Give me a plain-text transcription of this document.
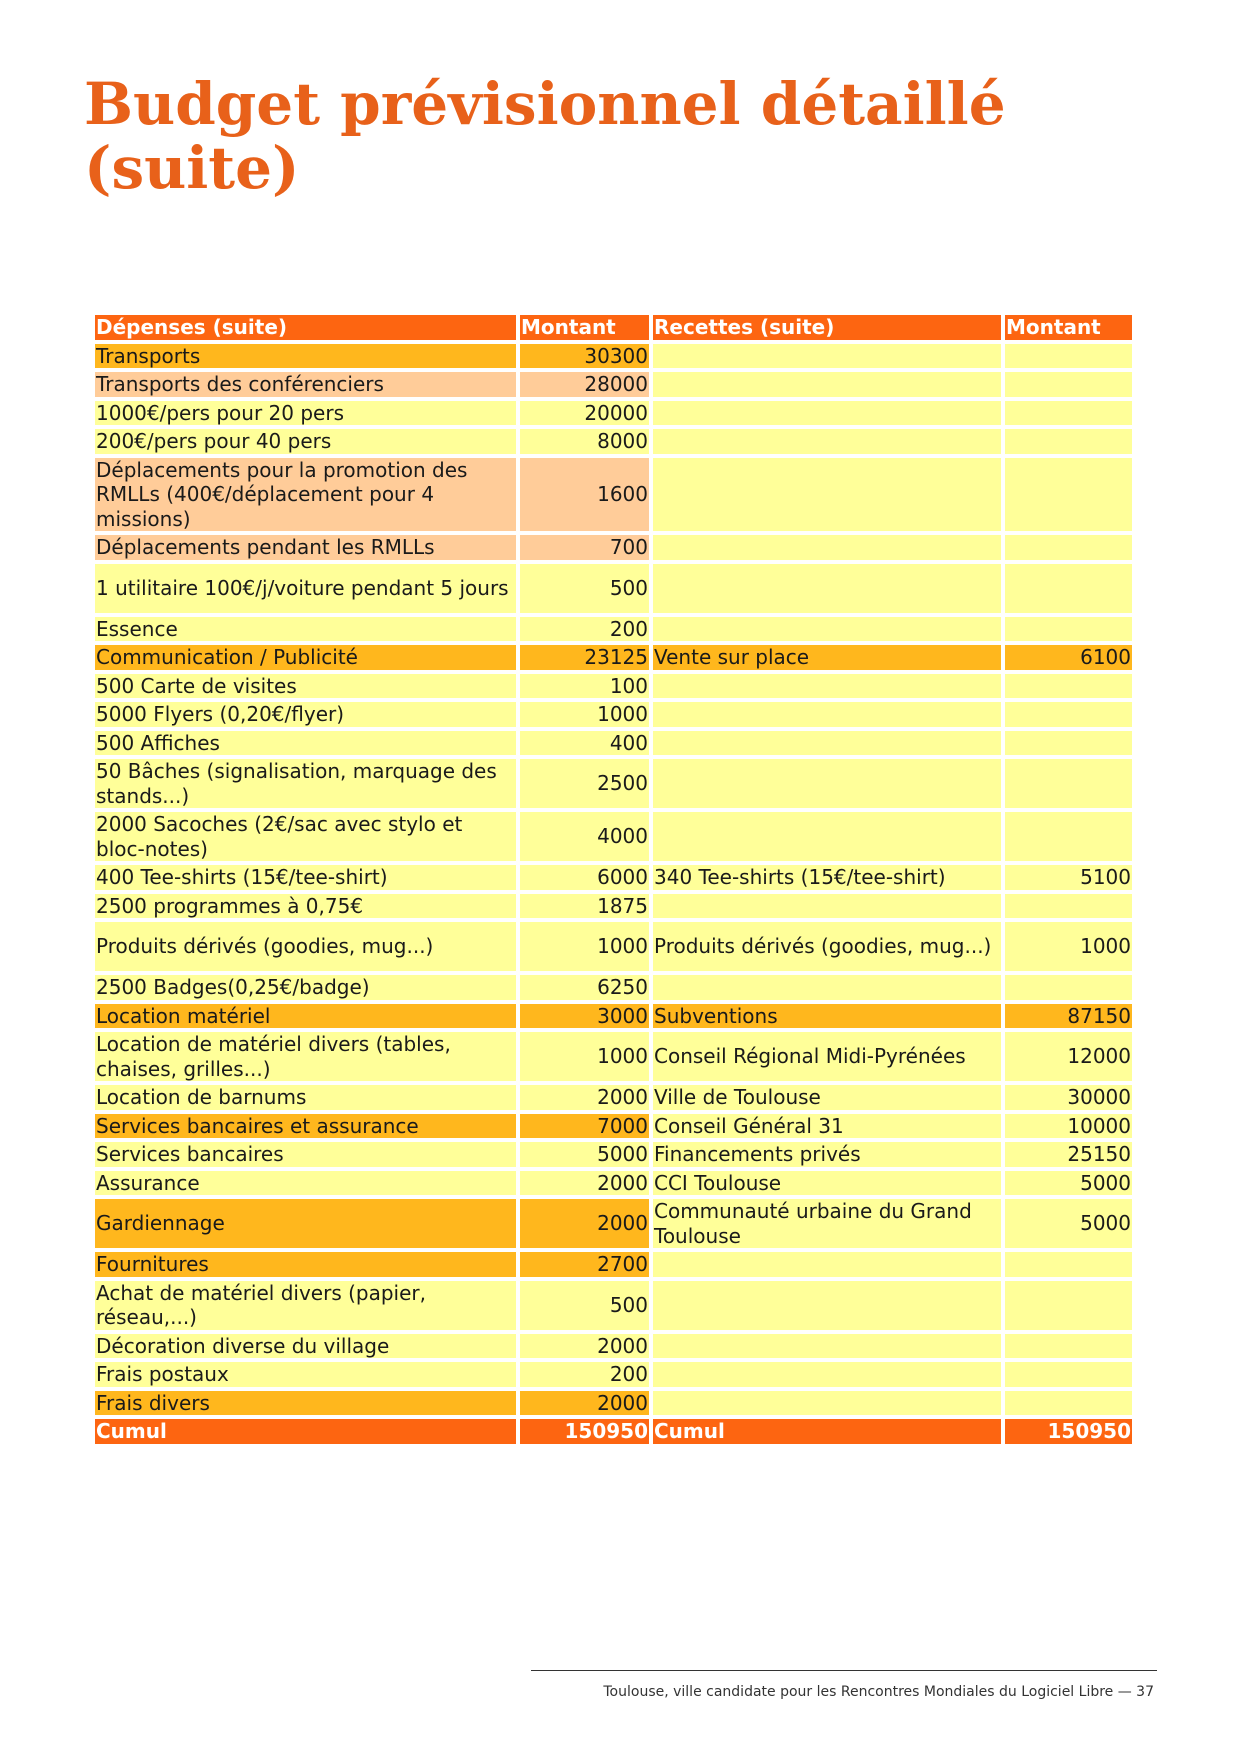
Budget prévisionnel détaillé (suite)
Dépenses (suite)	Montant	Recettes (suite)	Montant
Transports	30300		
Transports des conférenciers	28000		
1000€/pers pour 20 pers	20000		
200€/pers pour 40 pers	8000		
Déplacements pour la promotion des RMLLs (400€/déplacement pour 4 missions)	1600		
Déplacements pendant les RMLLs	700		
1 utilitaire 100€/j/voiture pendant 5 jours	500		
Essence	200		
Communication / Publicité	23125	Vente sur place	6100
500 Carte de visites	100		
5000 Flyers (0,20€/flyer)	1000		
500 Affiches	400		
50 Bâches (signalisation, marquage des stands...)	2500		
2000 Sacoches (2€/sac avec stylo et bloc-notes)	4000		
400 Tee-shirts (15€/tee-shirt)	6000	340 Tee-shirts (15€/tee-shirt)	5100
2500 programmes à 0,75€	1875		
Produits dérivés (goodies, mug...)	1000	Produits dérivés (goodies, mug...)	1000
2500 Badges(0,25€/badge)	6250		
Location matériel	3000	Subventions	87150
Location de matériel divers (tables, chaises, grilles...)	1000	Conseil Régional Midi-Pyrénées	12000
Location de barnums	2000	Ville de Toulouse	30000
Services bancaires et assurance	7000	Conseil Général 31	10000
Services bancaires	5000	Financements privés	25150
Assurance	2000	CCI Toulouse	5000
Gardiennage	2000	Communauté urbaine du Grand Toulouse	5000
Fournitures	2700		
Achat de matériel divers (papier, réseau,...)	500		
Décoration diverse du village	2000		
Frais postaux	200		
Frais divers	2000		
Cumul	150950	Cumul	150950
Toulouse, ville candidate pour les Rencontres Mondiales du Logiciel Libre — 37
